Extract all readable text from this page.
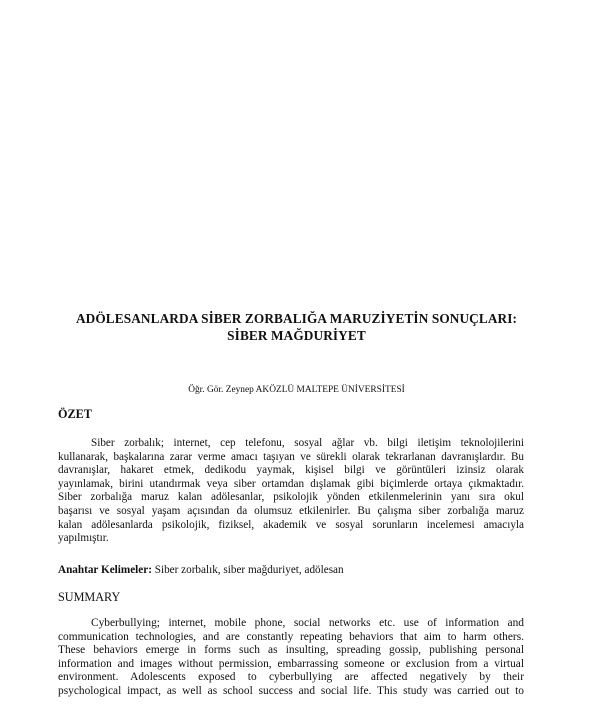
ADÖLESANLARDA SİBER ZORBALIĞA MARUZİYETİN SONUÇLARI:
SİBER MAĞDURİYET
Öğr. Gör. Zeynep AKÖZLÜ MALTEPE ÜNİVERSİTESİ
ÖZET
Siber zorbalık; internet, cep telefonu, sosyal ağlar vb. bilgi iletişim teknolojilerini
kullanarak, başkalarına zarar verme amacı taşıyan ve sürekli olarak tekrarlanan davranışlardır. Bu
davranışlar, hakaret etmek, dedikodu yaymak, kişisel bilgi ve görüntüleri izinsiz olarak
yayınlamak, birini utandırmak veya siber ortamdan dışlamak gibi biçimlerde ortaya çıkmaktadır.
Siber zorbalığa maruz kalan adölesanlar, psikolojik yönden etkilenmelerinin yanı sıra okul
başarısı ve sosyal yaşam açısından da olumsuz etkilenirler. Bu çalışma siber zorbalığa maruz
kalan adölesanlarda psikolojik, fiziksel, akademik ve sosyal sorunların incelemesi amacıyla
yapılmıştır.
Anahtar Kelimeler: Siber zorbalık, siber mağduriyet, adölesan
SUMMARY
Cyberbullying; internet, mobile phone, social networks etc. use of information and
communication technologies, and are constantly repeating behaviors that aim to harm others.
These behaviors emerge in forms such as insulting, spreading gossip, publishing personal
information and images without permission, embarrassing someone or exclusion from a virtual
environment. Adolescents exposed to cyberbullying are affected negatively by their
psychological impact, as well as school success and social life. This study was carried out to
